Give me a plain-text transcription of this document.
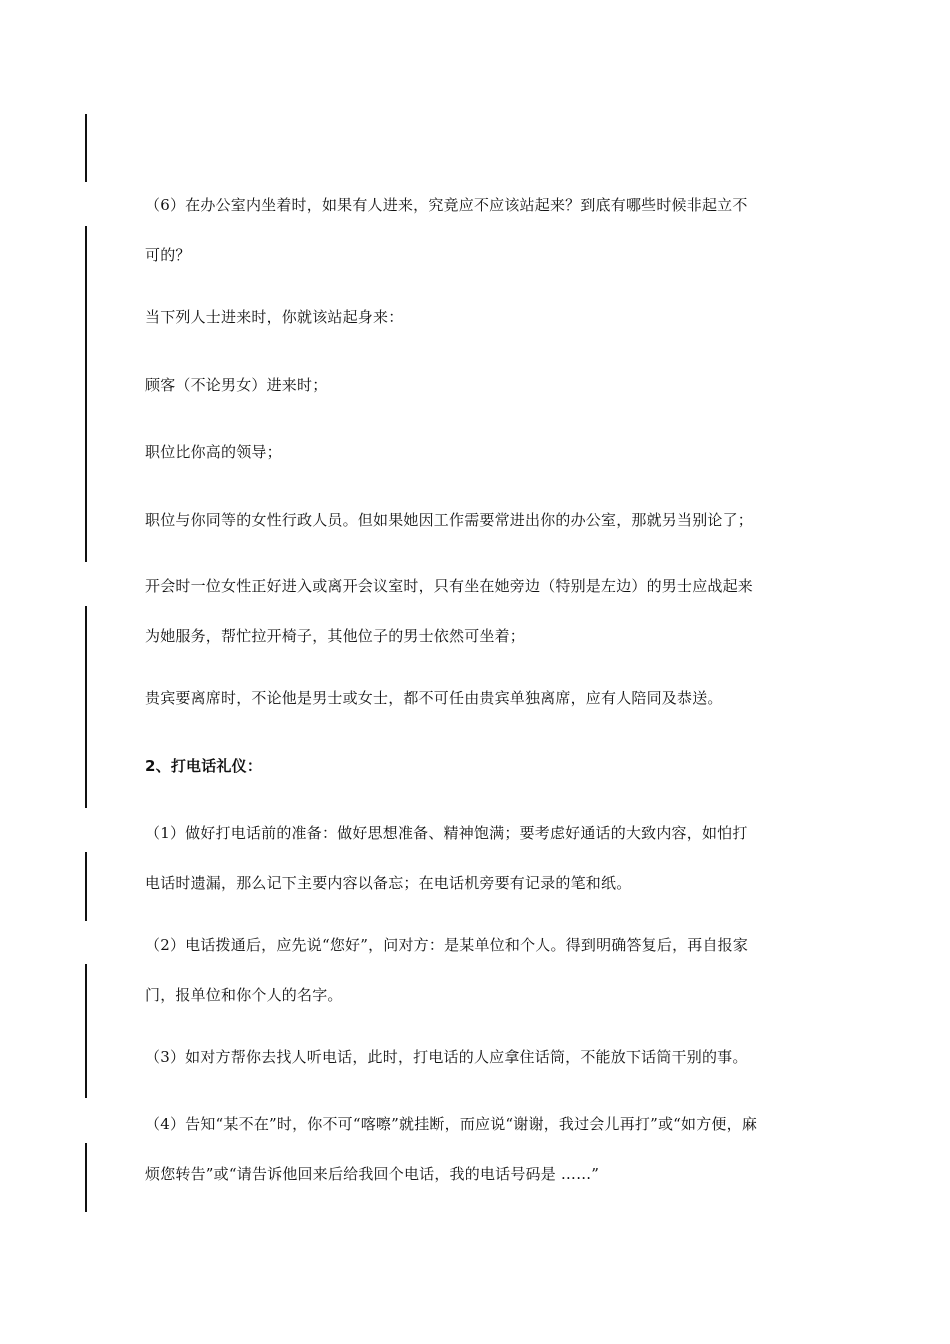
（6）在办公室内坐着时，如果有人进来，究竟应不应该站起来？到底有哪些时候非起立不
可的？
当下列人士进来时，你就该站起身来：
顾客（不论男女）进来时；
职位比你高的领导；
职位与你同等的女性行政人员。但如果她因工作需要常进出你的办公室，那就另当别论了；
开会时一位女性正好进入或离开会议室时，只有坐在她旁边（特别是左边）的男士应战起来
为她服务，帮忙拉开椅子，其他位子的男士依然可坐着；
贵宾要离席时，不论他是男士或女士，都不可任由贵宾单独离席，应有人陪同及恭送。
2、打电话礼仪：
（1）做好打电话前的准备：做好思想准备、精神饱满；要考虑好通话的大致内容，如怕打
电话时遗漏，那么记下主要内容以备忘；在电话机旁要有记录的笔和纸。
（2）电话拨通后，应先说“您好”，问对方：是某单位和个人。得到明确答复后，再自报家
门，报单位和你个人的名字。
（3）如对方帮你去找人听电话，此时，打电话的人应拿住话筒，不能放下话筒干别的事。
（4）告知“某不在”时，你不可“喀嚓”就挂断，而应说“谢谢，我过会儿再打”或“如方便，麻
烦您转告”或“请告诉他回来后给我回个电话，我的电话号码是 ……”
